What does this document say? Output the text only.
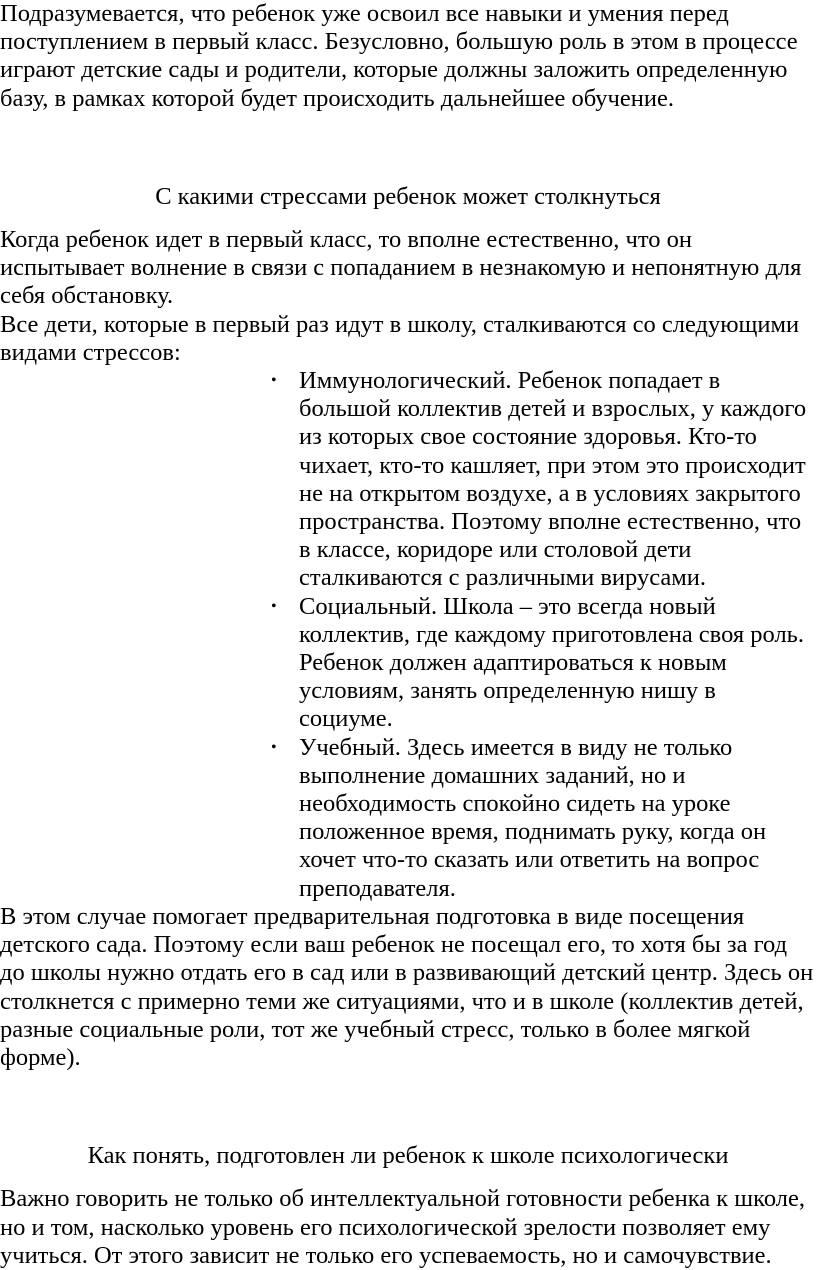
Подразумевается, что ребенок уже освоил все навыки и умения перед поступлением в первый класс. Безусловно, большую роль в этом в процессе играют детские сады и родители, которые должны заложить определенную базу, в рамках которой будет происходить дальнейшее обучение.

С какими стрессами ребенок может столкнуться

Когда ребенок идет в первый класс, то вполне естественно, что он испытывает волнение в связи с попаданием в незнакомую и непонятную для себя обстановку.

Все дети, которые в первый раз идут в школу, сталкиваются со следующими видами стрессов:

• Иммунологический. Ребенок попадает в большой коллектив детей и взрослых, у каждого из которых свое состояние здоровья. Кто-то чихает, кто-то кашляет, при этом это происходит не на открытом воздухе, а в условиях закрытого пространства. Поэтому вполне естественно, что в классе, коридоре или столовой дети сталкиваются с различными вирусами.
• Социальный. Школа – это всегда новый коллектив, где каждому приготовлена своя роль. Ребенок должен адаптироваться к новым условиям, занять определенную нишу в социуме.
• Учебный. Здесь имеется в виду не только выполнение домашних заданий, но и необходимость спокойно сидеть на уроке положенное время, поднимать руку, когда он хочет что-то сказать или ответить на вопрос преподавателя.

В этом случае помогает предварительная подготовка в виде посещения детского сада. Поэтому если ваш ребенок не посещал его, то хотя бы за год до школы нужно отдать его в сад или в развивающий детский центр. Здесь он столкнется с примерно теми же ситуациями, что и в школе (коллектив детей, разные социальные роли, тот же учебный стресс, только в более мягкой форме).

Как понять, подготовлен ли ребенок к школе психологически

Важно говорить не только об интеллектуальной готовности ребенка к школе, но и том, насколько уровень его психологической зрелости позволяет ему учиться. От этого зависит не только его успеваемость, но и самочувствие.
